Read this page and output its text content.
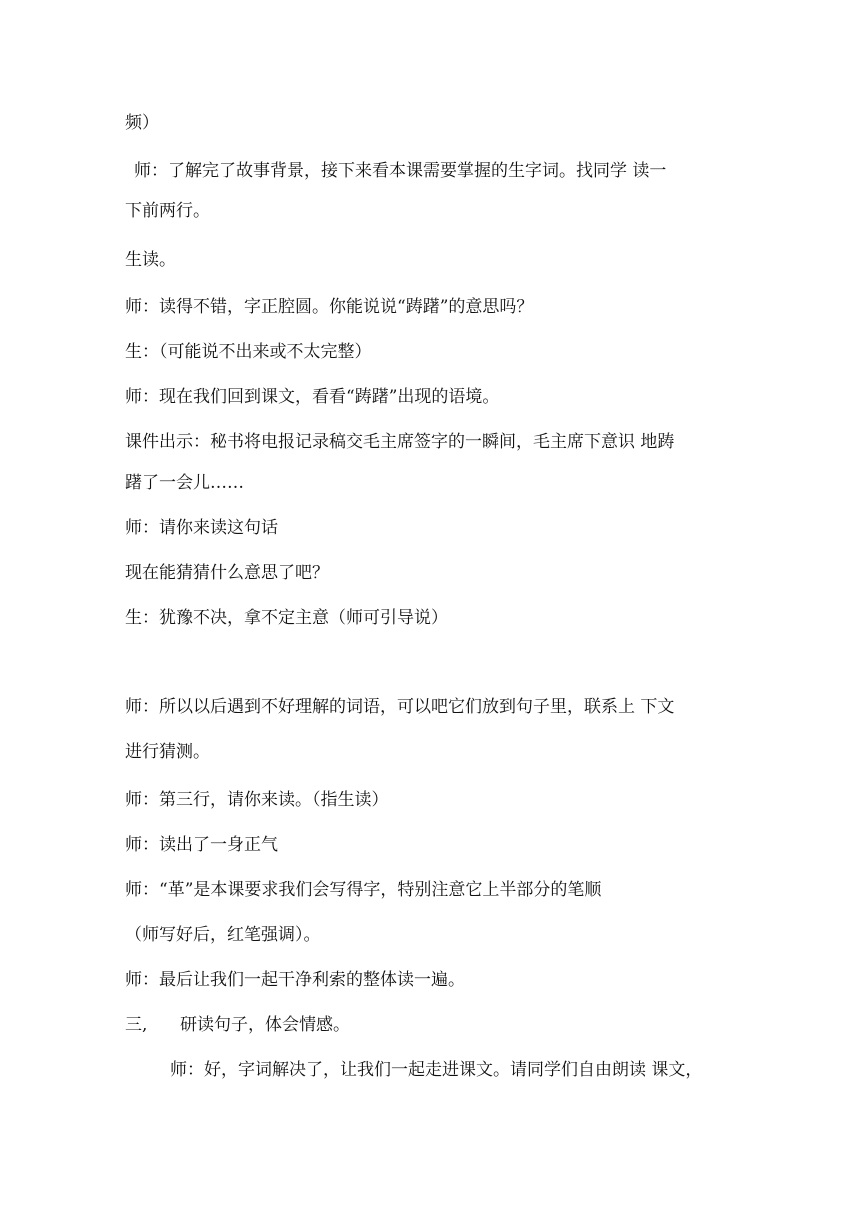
频）
师：了解完了故事背景，接下来看本课需要掌握的生字词。找同学 读一
下前两行。
生读。
师：读得不错，字正腔圆。你能说说“踌躇”的意思吗？
生：（可能说不出来或不太完整）
师：现在我们回到课文，看看“踌躇”出现的语境。
课件出示：秘书将电报记录稿交毛主席签字的一瞬间，毛主席下意识 地踌
躇了一会儿……
师：请你来读这句话
现在能猜猜什么意思了吧？
生：犹豫不决，拿不定主意（师可引导说）
师：所以以后遇到不好理解的词语，可以吧它们放到句子里，联系上 下文
进行猜测。
师：第三行，请你来读。（指生读）
师：读出了一身正气
师：“革”是本课要求我们会写得字，特别注意它上半部分的笔顺
（师写好后，红笔强调）。
师：最后让我们一起干净利索的整体读一遍。
三, 研读句子，体会情感。
师：好，字词解决了，让我们一起走进课文。请同学们自由朗读 课文，
